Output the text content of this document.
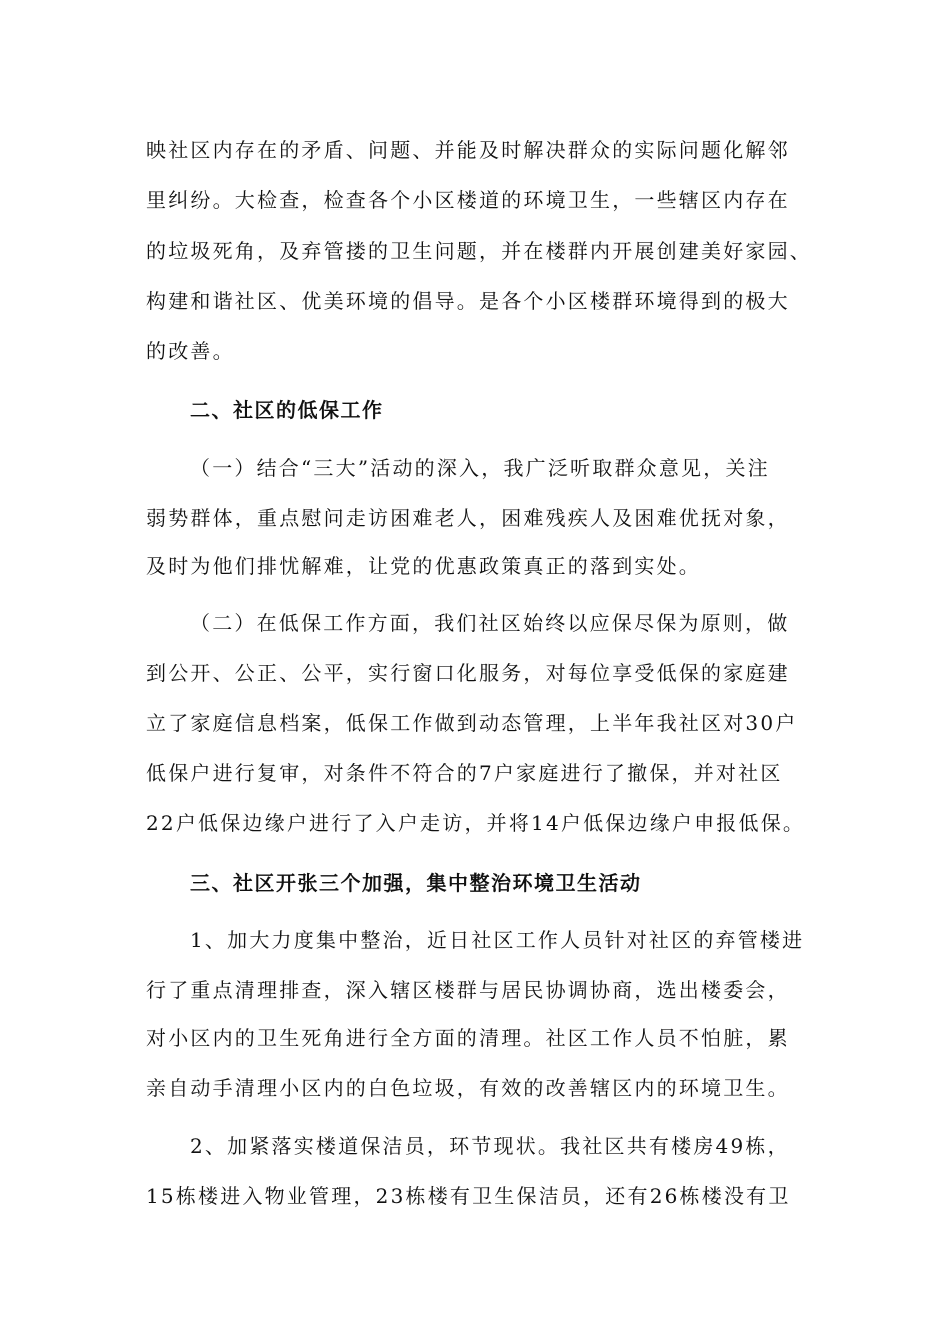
映社区内存在的矛盾、问题、并能及时解决群众的实际问题化解邻
里纠纷。大检查，检查各个小区楼道的环境卫生，一些辖区内存在
的垃圾死角，及弃管搂的卫生问题，并在楼群内开展创建美好家园、
构建和谐社区、优美环境的倡导。是各个小区楼群环境得到的极大
的改善。
二、社区的低保工作
（一）结合“三大”活动的深入，我广泛听取群众意见，关注
弱势群体，重点慰问走访困难老人，困难残疾人及困难优抚对象，
及时为他们排忧解难，让党的优惠政策真正的落到实处。
（二）在低保工作方面，我们社区始终以应保尽保为原则，做
到公开、公正、公平，实行窗口化服务，对每位享受低保的家庭建
立了家庭信息档案，低保工作做到动态管理，上半年我社区对30户
低保户进行复审，对条件不符合的7户家庭进行了撤保，并对社区
22户低保边缘户进行了入户走访，并将14户低保边缘户申报低保。
三、社区开张三个加强，集中整治环境卫生活动
1、加大力度集中整治，近日社区工作人员针对社区的弃管楼进
行了重点清理排查，深入辖区楼群与居民协调协商，选出楼委会，
对小区内的卫生死角进行全方面的清理。社区工作人员不怕脏，累
亲自动手清理小区内的白色垃圾，有效的改善辖区内的环境卫生。
2、加紧落实楼道保洁员，环节现状。我社区共有楼房49栋，
15栋楼进入物业管理，23栋楼有卫生保洁员，还有26栋楼没有卫
